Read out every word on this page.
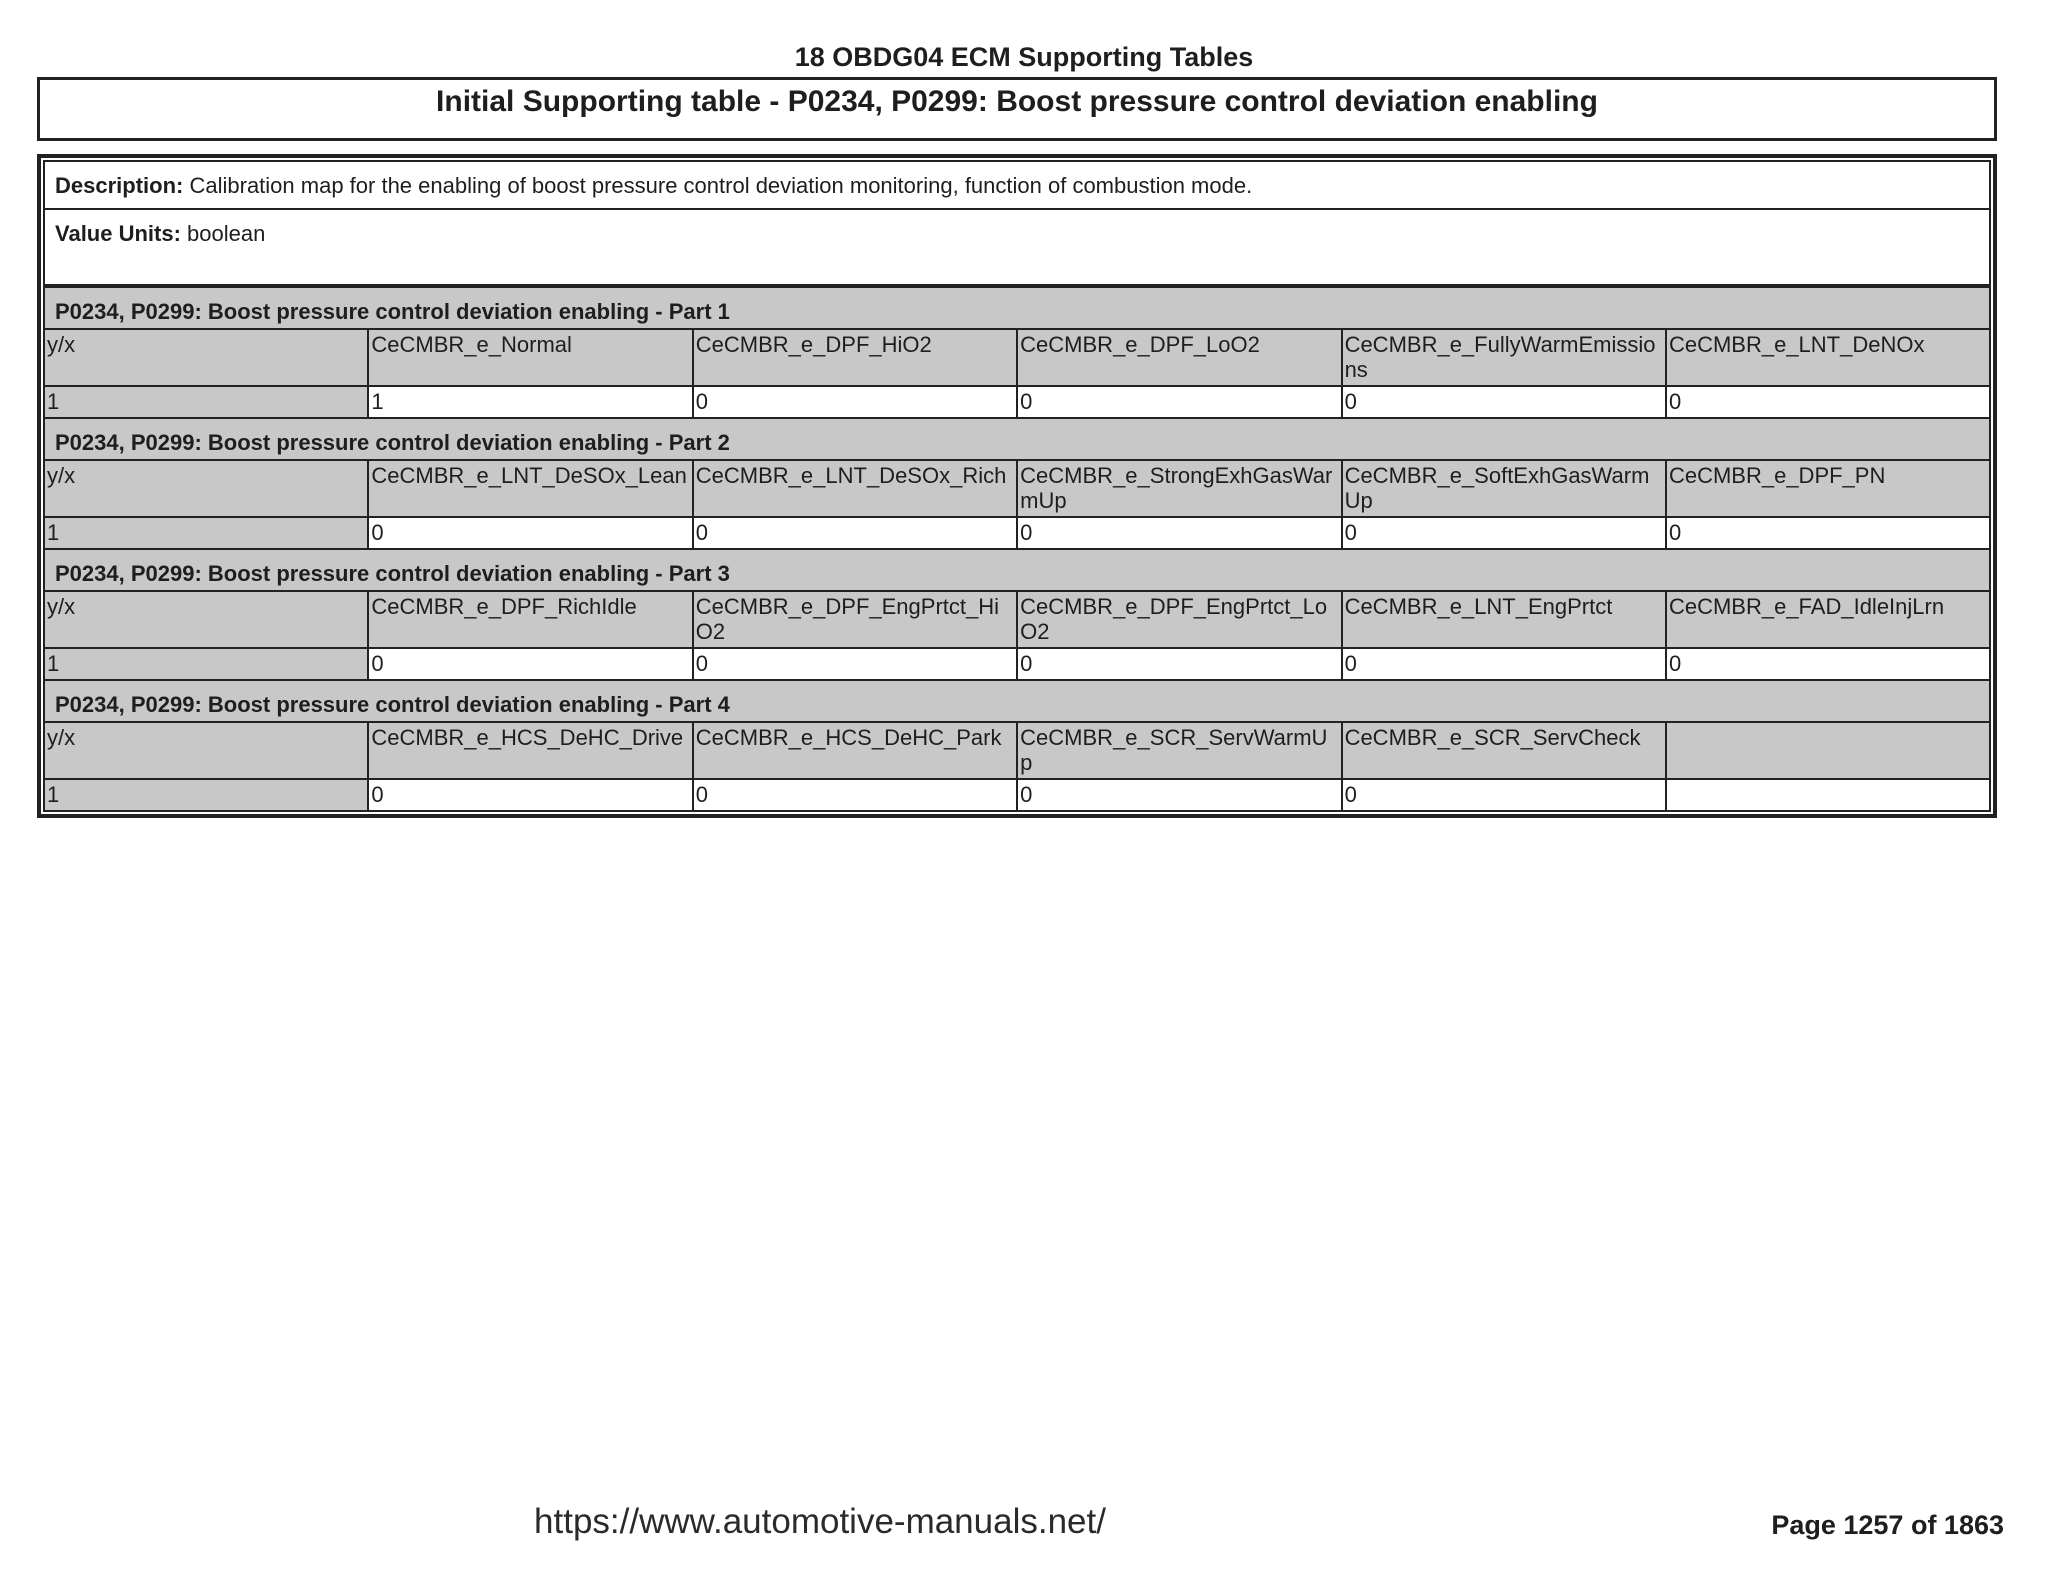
18 OBDG04 ECM Supporting Tables
Initial Supporting table - P0234, P0299: Boost pressure control deviation enabling
Description: Calibration map for the enabling of boost pressure control deviation monitoring, function of combustion mode.
Value Units: boolean
P0234, P0299: Boost pressure control deviation enabling - Part 1					
y/x	CeCMBR_e_Normal	CeCMBR_e_DPF_HiO2	CeCMBR_e_DPF_LoO2	CeCMBR_e_FullyWarmEmissions	CeCMBR_e_LNT_DeNOx
1	1	0	0	0	0
P0234, P0299: Boost pressure control deviation enabling - Part 2					
y/x	CeCMBR_e_LNT_DeSOx_Lean	CeCMBR_e_LNT_DeSOx_Rich	CeCMBR_e_StrongExhGasWarmUp	CeCMBR_e_SoftExhGasWarmUp	CeCMBR_e_DPF_PN
1	0	0	0	0	0
P0234, P0299: Boost pressure control deviation enabling - Part 3					
y/x	CeCMBR_e_DPF_RichIdle	CeCMBR_e_DPF_EngPrtct_HiO2	CeCMBR_e_DPF_EngPrtct_LoO2	CeCMBR_e_LNT_EngPrtct	CeCMBR_e_FAD_IdleInjLrn
1	0	0	0	0	0
P0234, P0299: Boost pressure control deviation enabling - Part 4					
y/x	CeCMBR_e_HCS_DeHC_Drive	CeCMBR_e_HCS_DeHC_Park	CeCMBR_e_SCR_ServWarmUp	CeCMBR_e_SCR_ServCheck	
1	0	0	0	0	
https://www.automotive-manuals.net/	Page 1257 of 1863
